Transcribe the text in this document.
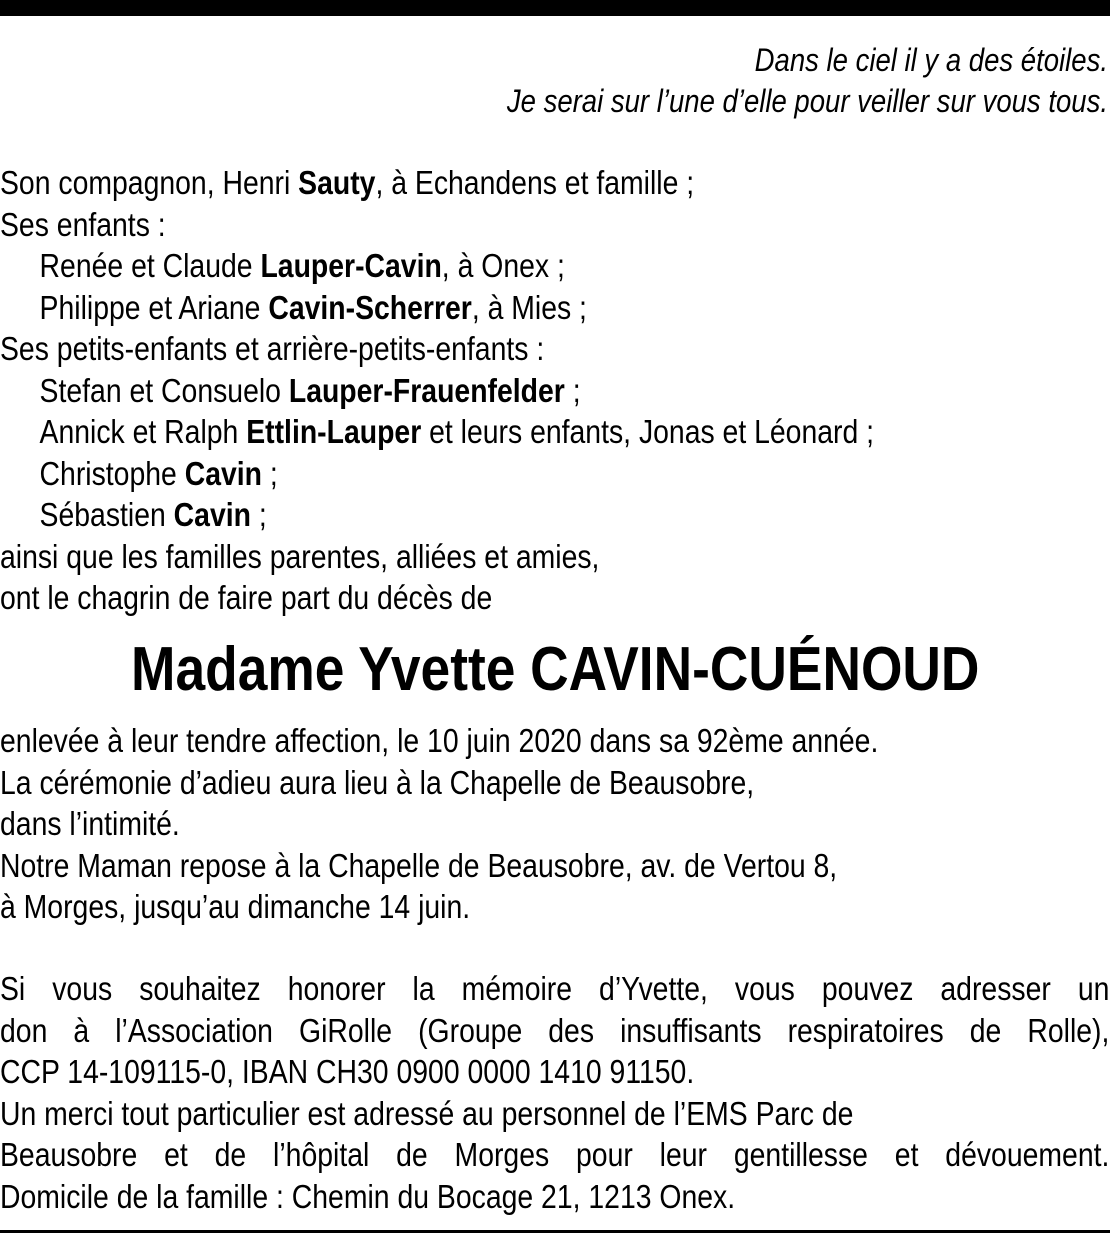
Dans le ciel il y a des étoiles.
Je serai sur l’une d’elle pour veiller sur vous tous.
Son compagnon, Henri Sauty, à Echandens et famille ;
Ses enfants :
Renée et Claude Lauper-Cavin, à Onex ;
Philippe et Ariane Cavin-Scherrer, à Mies ;
Ses petits-enfants et arrière-petits-enfants :
Stefan et Consuelo Lauper-Frauenfelder ;
Annick et Ralph Ettlin-Lauper et leurs enfants, Jonas et Léonard ;
Christophe Cavin ;
Sébastien Cavin ;
ainsi que les familles parentes, alliées et amies,
ont le chagrin de faire part du décès de
Madame Yvette CAVIN-CUÉNOUD
enlevée à leur tendre affection, le 10 juin 2020 dans sa 92ème année.
La cérémonie d’adieu aura lieu à la Chapelle de Beausobre,
dans l’intimité.
Notre Maman repose à la Chapelle de Beausobre, av. de Vertou 8,
à Morges, jusqu’au dimanche 14 juin.
Si vous souhaitez honorer la mémoire d’Yvette, vous pouvez adresser un
don à l’Association GiRolle (Groupe des insuffisants respiratoires de Rolle),
CCP 14-109115-0, IBAN CH30 0900 0000 1410 91150.
Un merci tout particulier est adressé au personnel de l’EMS Parc de
Beausobre et de l’hôpital de Morges pour leur gentillesse et dévouement.
Domicile de la famille : Chemin du Bocage 21, 1213 Onex.
